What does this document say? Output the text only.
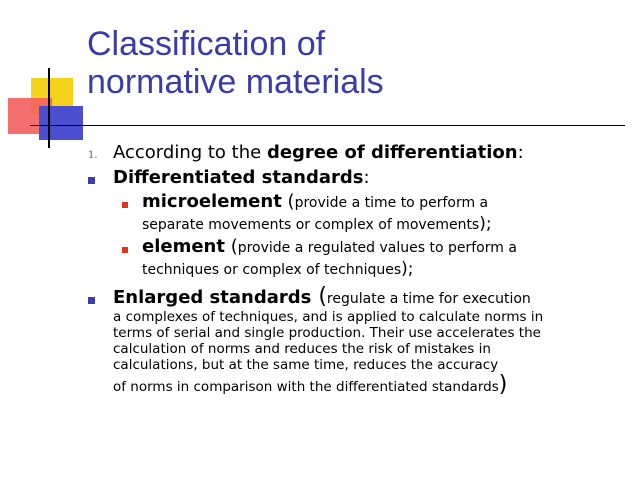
Classification of
normative materials
1. According to the degree of differentiation:
Differentiated standards:
microelement (provide a time to perform a
separate movements or complex of movements);
element (provide a regulated values to perform a
techniques or complex of techniques);
Enlarged standards (regulate a time for execution
a complexes of techniques, and is applied to calculate norms in
terms of serial and single production. Their use accelerates the
calculation of norms and reduces the risk of mistakes in
calculations, but at the same time, reduces the accuracy
of norms in comparison with the differentiated standards)
